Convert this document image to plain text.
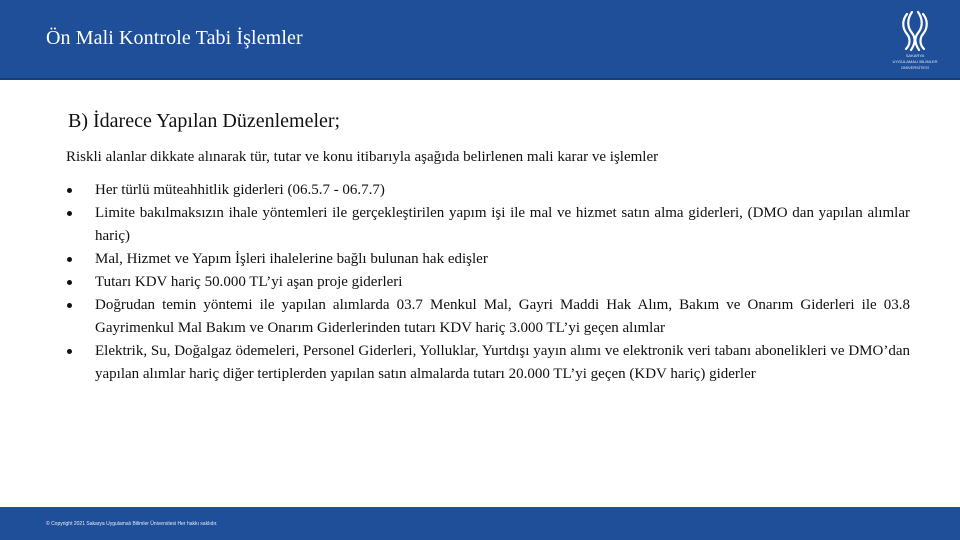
Ön Mali Kontrole Tabi İşlemler
SAKARYA
UYGULAMALI BİLİMLER
ÜNİVERSİTESİ
B) İdarece Yapılan Düzenlemeler;
Riskli alanlar dikkate alınarak tür, tutar ve konu itibarıyla aşağıda belirlenen mali karar ve işlemler
Her türlü müteahhitlik giderleri (06.5.7 - 06.7.7)
Limite bakılmaksızın ihale yöntemleri ile gerçekleştirilen yapım işi ile mal ve hizmet satın alma giderleri, (DMO dan yapılan alımlar hariç)
Mal, Hizmet ve Yapım İşleri ihalelerine bağlı bulunan hak edişler
Tutarı KDV hariç 50.000 TL’yi aşan proje giderleri
Doğrudan temin yöntemi ile yapılan alımlarda 03.7 Menkul Mal, Gayri Maddi Hak Alım, Bakım ve Onarım Giderleri ile 03.8 Gayrimenkul Mal Bakım ve Onarım Giderlerinden tutarı KDV hariç 3.000 TL’yi geçen alımlar
Elektrik, Su, Doğalgaz ödemeleri, Personel Giderleri, Yolluklar, Yurtdışı yayın alımı ve elektronik veri tabanı abonelikleri ve DMO’dan yapılan alımlar hariç diğer tertiplerden yapılan satın almalarda tutarı 20.000 TL’yi geçen (KDV hariç) giderler
© Copyright 2021 Sakarya Uygulamalı Bilimler Üniversitesi Her hakkı saklıdır.
